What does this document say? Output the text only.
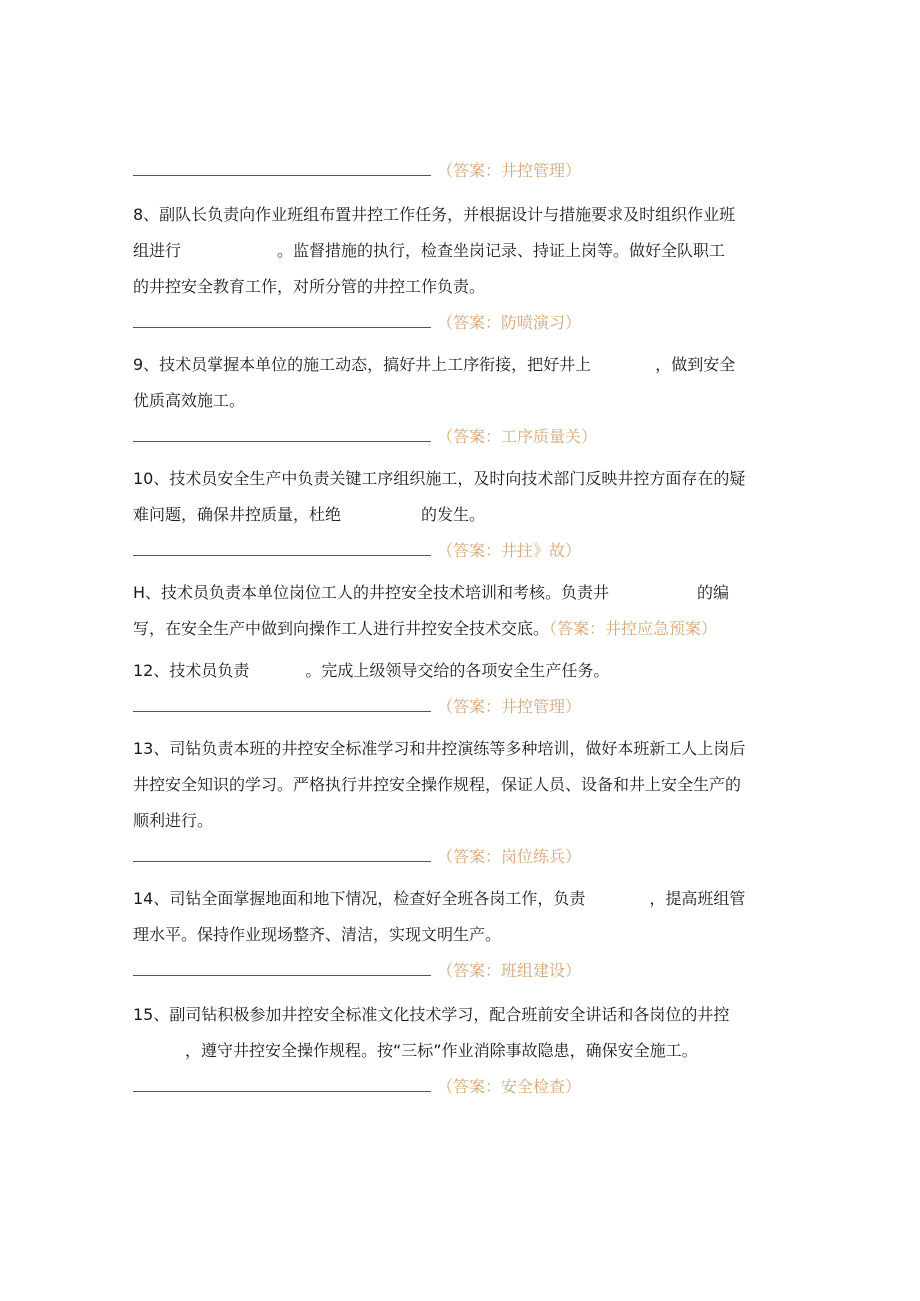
（答案：井控管理）
8、副队长负责向作业班组布置井控工作任务，并根据设计与措施要求及时组织作业班
组进行	。监督措施的执行，检查坐岗记录、持证上岗等。做好全队职工
的井控安全教育工作，对所分管的井控工作负责。
（答案：防喷演习）
9、技术员掌握本单位的施工动态，搞好井上工序衔接，把好井上	，做到安全
优质高效施工。
（答案：工序质量关）
10、技术员安全生产中负责关键工序组织施工，及时向技术部门反映井控方面存在的疑
难问题，确保井控质量，杜绝	的发生。
（答案：井拄》故）
H、技术员负责本单位岗位工人的井控安全技术培训和考核。负责井	的编
写，在安全生产中做到向操作工人进行井控安全技术交底。（答案：井控应急预案）
12、技术员负责	。完成上级领导交给的各项安全生产任务。
（答案：井控管理）
13、司钻负责本班的井控安全标准学习和井控演练等多种培训，做好本班新工人上岗后
井控安全知识的学习。严格执行井控安全操作规程，保证人员、设备和井上安全生产的
顺利进行。
（答案：岗位练兵）
14、司钻全面掌握地面和地下情况，检查好全班各岗工作，负责	，提高班组管
理水平。保持作业现场整齐、清洁，实现文明生产。
（答案：班组建设）
15、副司钻积极参加井控安全标准文化技术学习，配合班前安全讲话和各岗位的井控
，遵守井控安全操作规程。按“三标”作业消除事故隐患，确保安全施工。
（答案：安全检查）
